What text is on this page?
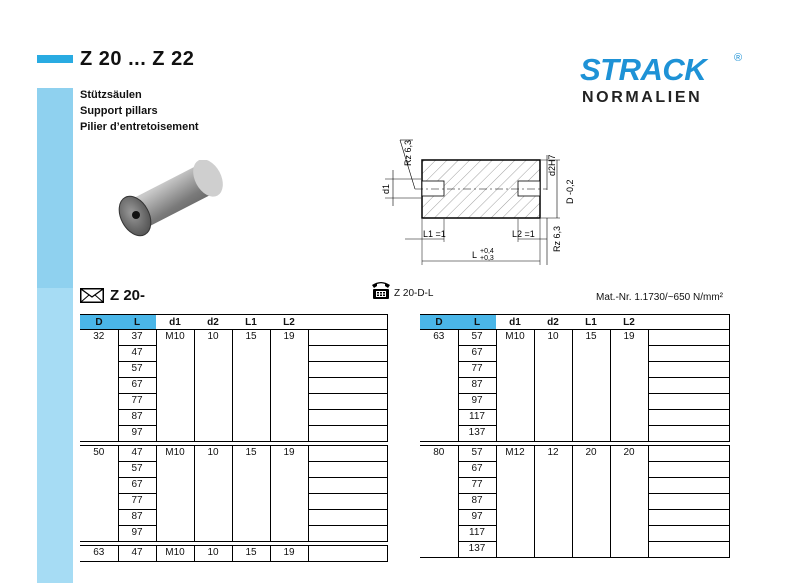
Z 20 ... Z 22
Stützsäulen
Support pillars
Pilier d’entretoisement
STRACK	®
NORMALIEN
Rz 6,3
d1
d2H7
D -0,2
Rz 6,3
L1 =1	L2 =1
L +0,4
+0,3
Z 20-	Z 20-D-L	Mat.-Nr. 1.1730/~650 N/mm²
D	L	d1	d2	L1	L2	
32	37	M10	10	15	19	
	47					
	57					
	67					
	77					
	87					
	97					

50	47	M10	10	15	19	
	57					
	67					
	77					
	87					
	97					

63	47	M10	10	15	19	
D	L	d1	d2	L1	L2	
63	57	M10	10	15	19	
	67					
	77					
	87					
	97					
	117					
	137					

80	57	M12	12	20	20	
	67					
	77					
	87					
	97					
	117					
	137					
